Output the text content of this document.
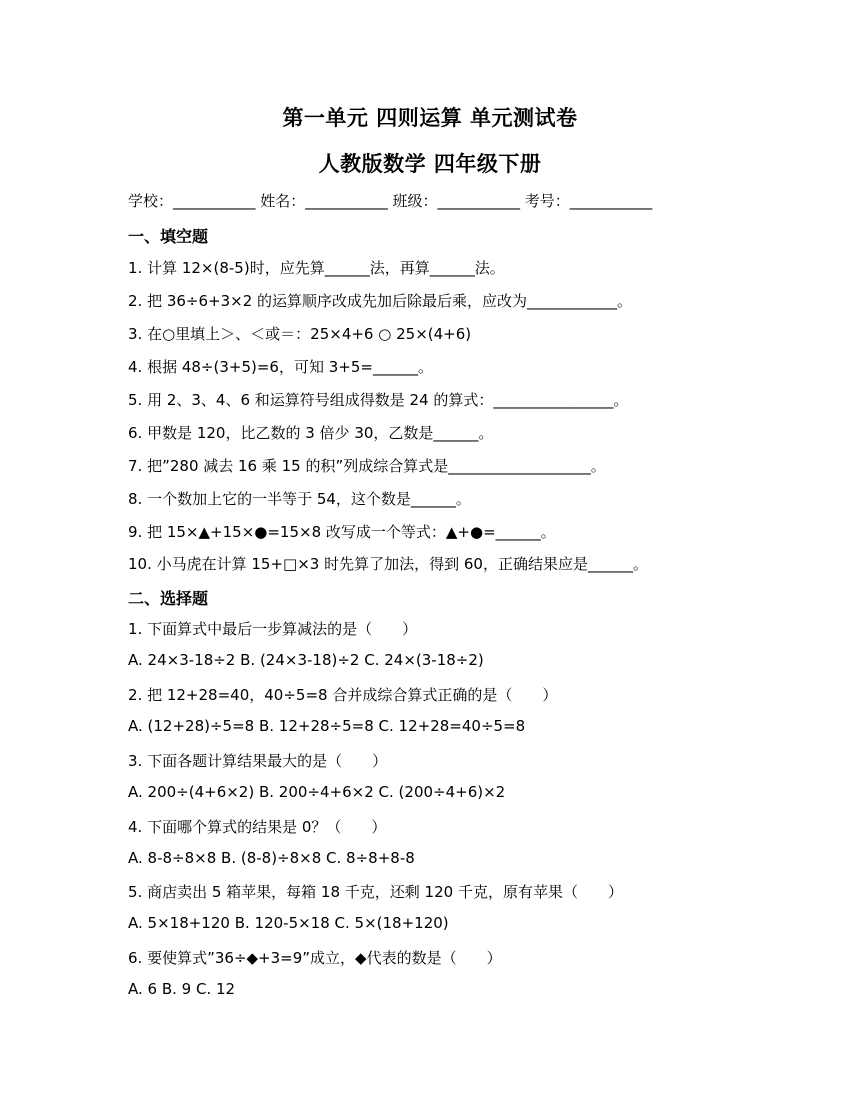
第一单元 四则运算 单元测试卷
人教版数学 四年级下册
学校：___________ 姓名：___________ 班级：___________ 考号：___________
一、填空题
1. 计算 12×(8-5)时，应先算______法，再算______法。
2. 把 36÷6+3×2 的运算顺序改成先加后除最后乘，应改为____________。
3. 在○里填上＞、＜或＝：25×4+6 ○ 25×(4+6)
4. 根据 48÷(3+5)=6，可知 3+5=______。
5. 用 2、3、4、6 和运算符号组成得数是 24 的算式：________________。
6. 甲数是 120，比乙数的 3 倍少 30，乙数是______。
7. 把”280 减去 16 乘 15 的积”列成综合算式是___________________。
8. 一个数加上它的一半等于 54，这个数是______。
9. 把 15×▲+15×●=15×8 改写成一个等式：▲+●=______。
10. 小马虎在计算 15+□×3 时先算了加法，得到 60，正确结果应是______。
二、选择题
1. 下面算式中最后一步算减法的是（　　）
A. 24×3-18÷2 B. (24×3-18)÷2 C. 24×(3-18÷2)
2. 把 12+28=40，40÷5=8 合并成综合算式正确的是（　　）
A. (12+28)÷5=8 B. 12+28÷5=8 C. 12+28=40÷5=8
3. 下面各题计算结果最大的是（　　）
A. 200÷(4+6×2) B. 200÷4+6×2 C. (200÷4+6)×2
4. 下面哪个算式的结果是 0？（　　）
A. 8-8÷8×8 B. (8-8)÷8×8 C. 8÷8+8-8
5. 商店卖出 5 箱苹果，每箱 18 千克，还剩 120 千克，原有苹果（　　）
A. 5×18+120 B. 120-5×18 C. 5×(18+120)
6. 要使算式”36÷◆+3=9”成立，◆代表的数是（　　）
A. 6 B. 9 C. 12
